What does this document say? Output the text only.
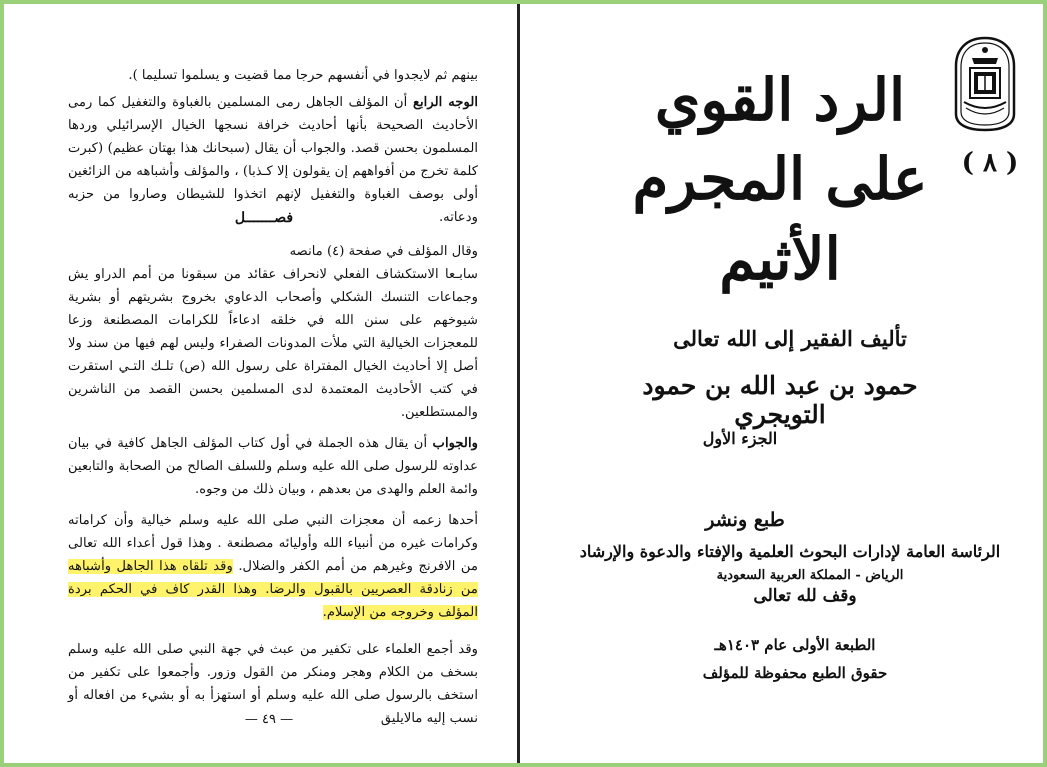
بينهم ثم لايجدوا في أنفسهم حرجا مما قضيت و يسلموا تسليما ).

الوجه الرابع أن المؤلف الجاهل رمى المسلمين بالغباوة والتغفيل كما رمى الأحاديث الصحيحة بأنها أحاديث خرافة نسجها الخيال الإسرائيلي وردها المسلمون بحسن قصد. والجواب أن يقال (سبحانك هذا بهتان عظيم) (كبرت كلمة تخرج من أفواههم إن يقولون إلا كـذبا) ، والمؤلف وأشباهه من الزائغين أولى بوصف الغباوة والتغفيل لإنهم اتخذوا للشيطان وصاروا من حزبه ودعاته.

فصـــــــل

وقال المؤلف في صفحة (٤) مانصه

سابـعا الاستكشاف الفعلي لانحراف عقائد من سبقونا من أمم الدراو يش وجماعات التنسك الشكلي وأصحاب الدعاوي بخروج بشريتهم أو بشرية شيوخهم على سنن الله في خلقه ادعاءاً للكرامات المصطنعة وزعا للمعجزات الخيالية التي ملأت المدونات الصفراء وليس لهم فيها من سند ولا أصل إلا أحاديث الخيال المفتراة على رسول الله (ص) تلـك التـي استقرت في كتب الأحاديث المعتمدة لدى المسلمين بحسن القصد من الناشرين والمستطلعين.

والجواب أن يقال هذه الجملة في أول كتاب المؤلف الجاهل كافية في بيان عداوته للرسول صلى الله عليه وسلم وللسلف الصالح من الصحابة والتابعين وائمة العلم والهدى من بعدهم ، وبيان ذلك من وجوه.

أحدها زعمه أن معجزات النبي صلى الله عليه وسلم خيالية وأن كراماته وكرامات غيره من أنبياء الله وأوليائه مصطنعة . وهذا قول أعداء الله تعالى من الافرنج وغيرهم من أمم الكفر والضلال. وقد تلقاه هذا الجاهل وأشباهه من زنادقة العصريين بالقبول والرضا. وهذا القدر كاف في الحكم بردة المؤلف وخروجه من الإسلام.

وقد أجمع العلماء على تكفير من عبث في جهة النبي صلى الله عليه وسلم بسخف من الكلام وهجر ومنكر من القول وزور. وأجمعوا على تكفير من استخف بالرسول صلى الله عليه وسلم أو استهزأ به أو بشيء من افعاله أو نسب إليه مالايليق

— ٤٩ —
( ٨ )
الرد القوي
على المجرم الأثيم
تأليف الفقير إلى الله تعالى
حمود بن عبد الله بن حمود التويجري
الجزء الأول
طبع ونشر
الرئاسة العامة لإدارات البحوث العلمية والإفتاء والدعوة والإرشاد
الرياض - المملكة العربية السعودية
وقف لله تعالى
الطبعة الأولى عام ١٤٠٣هـ
حقوق الطبع محفوظة للمؤلف
